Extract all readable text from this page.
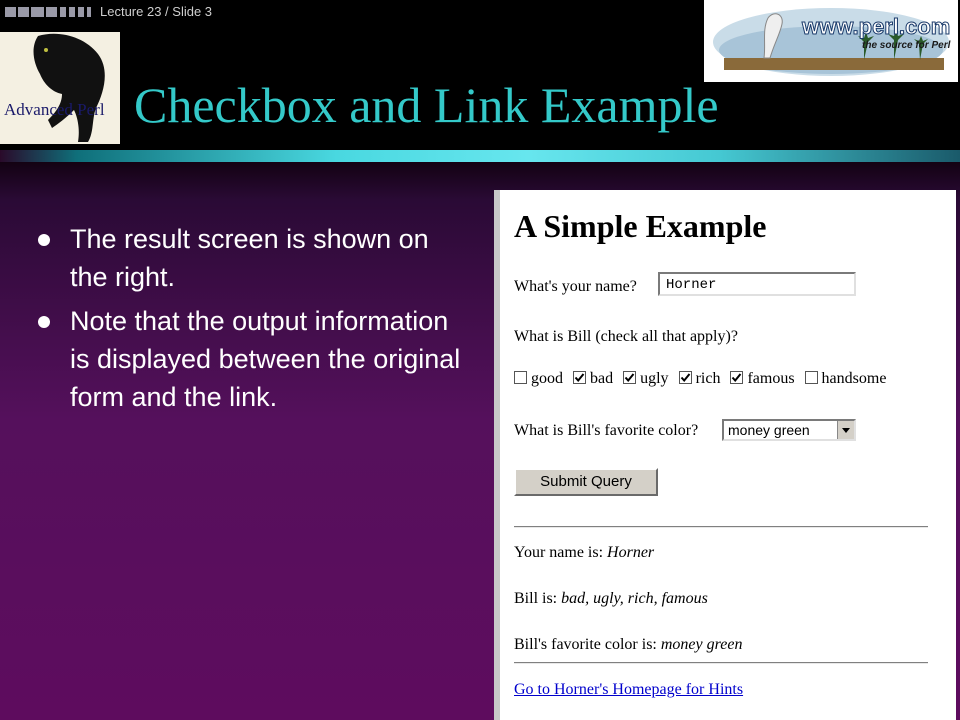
Lecture 23 / Slide 3
Advanced Perl
www.perl.com
the source for Perl
Checkbox and Link Example
The result screen is shown on the right.
Note that the output information is displayed between the original form and the link.
A Simple Example
What's your name?	Horner
What is Bill (check all that apply)?
good bad ugly rich famous handsome
What is Bill's favorite color?	money green
Submit Query
Your name is: Horner
Bill is: bad, ugly, rich, famous
Bill's favorite color is: money green
Go to Horner's Homepage for Hints
